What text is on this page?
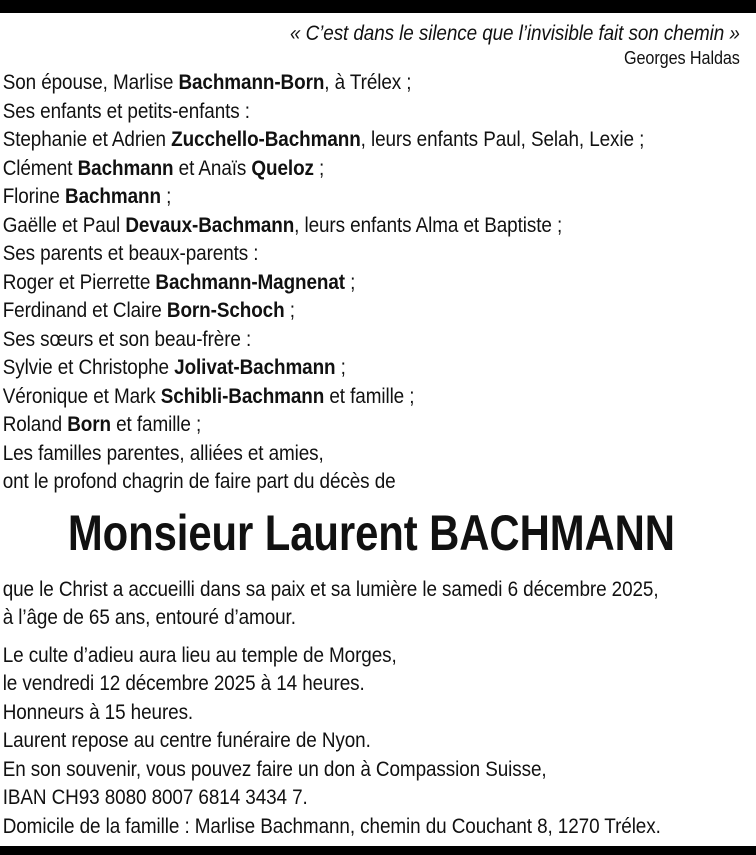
« C’est dans le silence que l’invisible fait son chemin »
Georges Haldas
Son épouse, Marlise Bachmann-Born, à Trélex ;
Ses enfants et petits-enfants :
Stephanie et Adrien Zucchello-Bachmann, leurs enfants Paul, Selah, Lexie ;
Clément Bachmann et Anaïs Queloz ;
Florine Bachmann ;
Gaëlle et Paul Devaux-Bachmann, leurs enfants Alma et Baptiste ;
Ses parents et beaux-parents :
Roger et Pierrette Bachmann-Magnenat ;
Ferdinand et Claire Born-Schoch ;
Ses sœurs et son beau-frère :
Sylvie et Christophe Jolivat-Bachmann ;
Véronique et Mark Schibli-Bachmann et famille ;
Roland Born et famille ;
Les familles parentes, alliées et amies,
ont le profond chagrin de faire part du décès de
Monsieur Laurent BACHMANN
que le Christ a accueilli dans sa paix et sa lumière le samedi 6 décembre 2025,
à l’âge de 65 ans, entouré d’amour.
Le culte d’adieu aura lieu au temple de Morges,
le vendredi 12 décembre 2025 à 14 heures.
Honneurs à 15 heures.
Laurent repose au centre funéraire de Nyon.
En son souvenir, vous pouvez faire un don à Compassion Suisse,
IBAN CH93 8080 8007 6814 3434 7.
Domicile de la famille : Marlise Bachmann, chemin du Couchant 8, 1270 Trélex.
